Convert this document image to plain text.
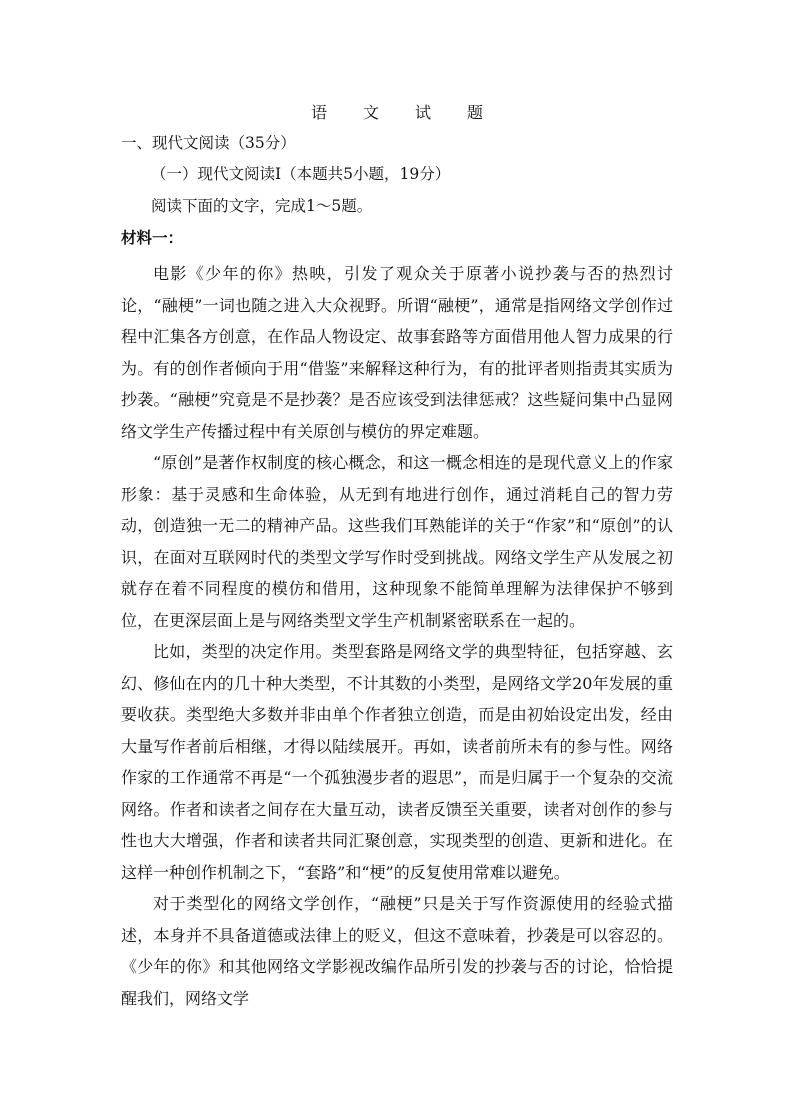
语 文 试 题
一、现代文阅读（35分）
（一）现代文阅读Ⅰ（本题共5小题，19分）
阅读下面的文字，完成1～5题。
材料一：

电影《少年的你》热映，引发了观众关于原著小说抄袭与否的热烈讨论，“融梗”一词也随之进入大众视野。所谓“融梗”，通常是指网络文学创作过程中汇集各方创意，在作品人物设定、故事套路等方面借用他人智力成果的行为。有的创作者倾向于用“借鉴”来解释这种行为，有的批评者则指责其实质为抄袭。“融梗”究竟是不是抄袭？是否应该受到法律惩戒？这些疑问集中凸显网络文学生产传播过程中有关原创与模仿的界定难题。

“原创”是著作权制度的核心概念，和这一概念相连的是现代意义上的作家形象：基于灵感和生命体验，从无到有地进行创作，通过消耗自己的智力劳动，创造独一无二的精神产品。这些我们耳熟能详的关于“作家”和“原创”的认识，在面对互联网时代的类型文学写作时受到挑战。网络文学生产从发展之初就存在着不同程度的模仿和借用，这种现象不能简单理解为法律保护不够到位，在更深层面上是与网络类型文学生产机制紧密联系在一起的。

比如，类型的决定作用。类型套路是网络文学的典型特征，包括穿越、玄幻、修仙在内的几十种大类型，不计其数的小类型，是网络文学20年发展的重要收获。类型绝大多数并非由单个作者独立创造，而是由初始设定出发，经由大量写作者前后相继，才得以陆续展开。再如，读者前所未有的参与性。网络作家的工作通常不再是“一个孤独漫步者的遐思”，而是归属于一个复杂的交流网络。作者和读者之间存在大量互动，读者反馈至关重要，读者对创作的参与性也大大增强，作者和读者共同汇聚创意，实现类型的创造、更新和进化。在这样一种创作机制之下，“套路”和“梗”的反复使用常难以避免。

对于类型化的网络文学创作，“融梗”只是关于写作资源使用的经验式描述，本身并不具备道德或法律上的贬义，但这不意味着，抄袭是可以容忍的。《少年的你》和其他网络文学影视改编作品所引发的抄袭与否的讨论，恰恰提醒我们，网络文学
